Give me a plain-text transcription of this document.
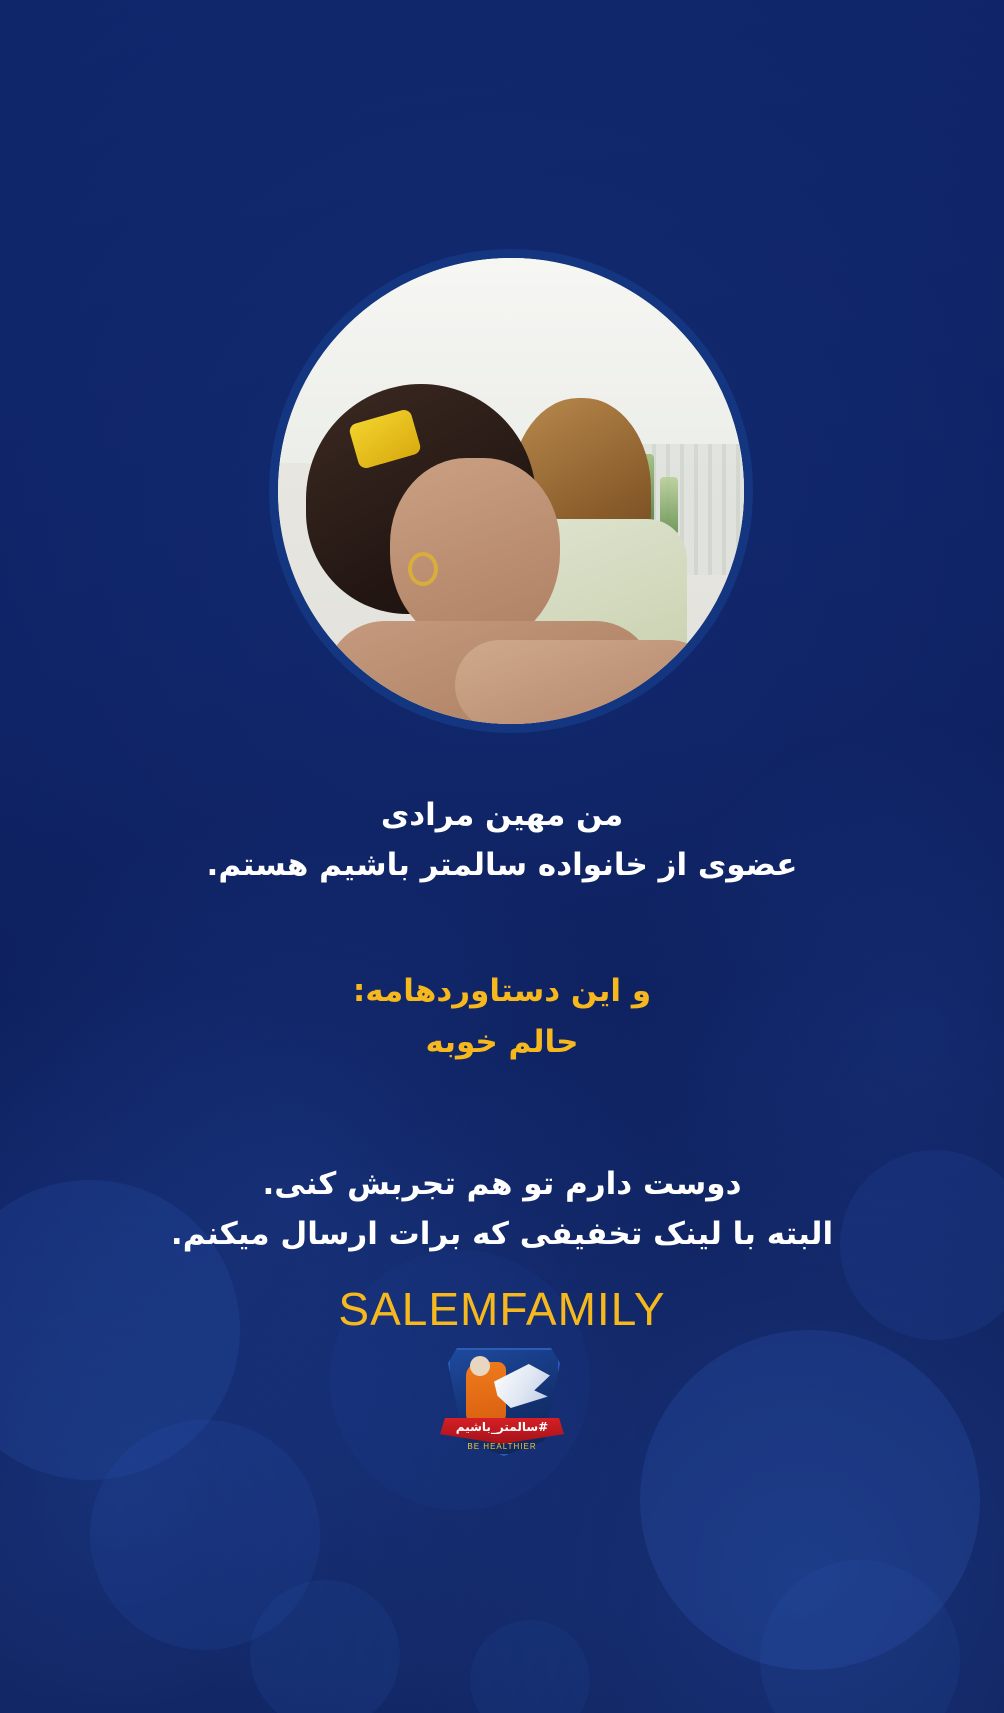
من مهین مرادی
عضوی از خانواده سالمتر باشیم هستم.
و این دستاوردهامه:
حالم خوبه
دوست دارم تو هم تجربش کنی.
البته با لینک تخفیفی که برات ارسال میکنم.
SALEMFAMILY
#سالمتر_باشیم
BE HEALTHIER
